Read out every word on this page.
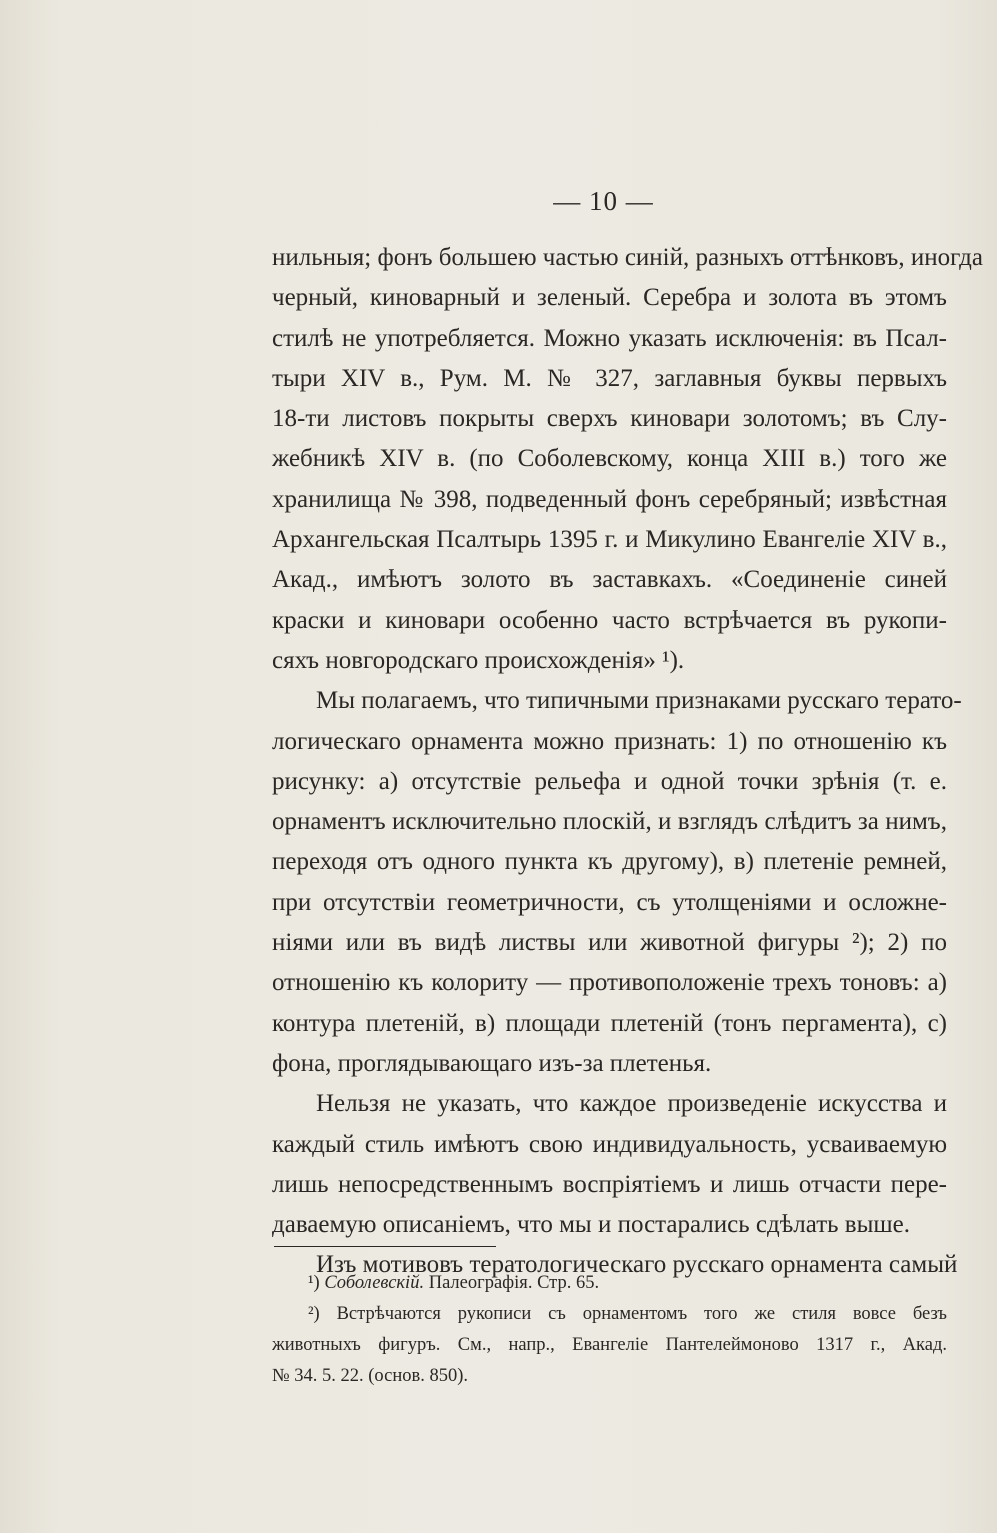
— 10 —
нильныя; фонъ большею частью синій, разныхъ оттѣнковъ, иногда
черный, киноварный и зеленый. Серебра и золота въ этомъ
стилѣ не употребляется. Можно указать исключенія: въ Псал-
тыри XIV в., Рум. М. № 327, заглавныя буквы первыхъ
18-ти листовъ покрыты сверхъ киновари золотомъ; въ Слу-
жебникѣ XIV в. (по Соболевскому, конца XIII в.) того же
хранилища № 398, подведенный фонъ серебряный; извѣстная
Архангельская Псалтырь 1395 г. и Микулино Евангеліе XIV в.,
Акад., имѣютъ золото въ заставкахъ. «Соединеніе синей
краски и киновари особенно часто встрѣчается въ рукопи-
сяхъ новгородскаго происхожденія» ¹).
Мы полагаемъ, что типичными признаками русскаго терато-
логическаго орнамента можно признать: 1) по отношенію къ
рисунку: а) отсутствіе рельефа и одной точки зрѣнія (т. е.
орнаментъ исключительно плоскій, и взглядъ слѣдитъ за нимъ,
переходя отъ одного пункта къ другому), в) плетеніе ремней,
при отсутствіи геометричности, съ утолщеніями и осложне-
ніями или въ видѣ листвы или животной фигуры ²); 2) по
отношенію къ колориту — противоположеніе трехъ тоновъ: а)
контура плетеній, в) площади плетеній (тонъ пергамента), с)
фона, проглядывающаго изъ-за плетенья.
Нельзя не указать, что каждое произведеніе искусства и
каждый стиль имѣютъ свою индивидуальность, усваиваемую
лишь непосредственнымъ воспріятіемъ и лишь отчасти пере-
даваемую описаніемъ, что мы и постарались сдѣлать выше.
Изъ мотивовъ тератологическаго русскаго орнамента самый
¹) Соболевскій. Палеографія. Стр. 65.
²) Встрѣчаются рукописи съ орнаментомъ того же стиля вовсе безъ
животныхъ фигуръ. См., напр., Евангеліе Пантелеймоново 1317 г., Акад.
№ 34. 5. 22. (основ. 850).
